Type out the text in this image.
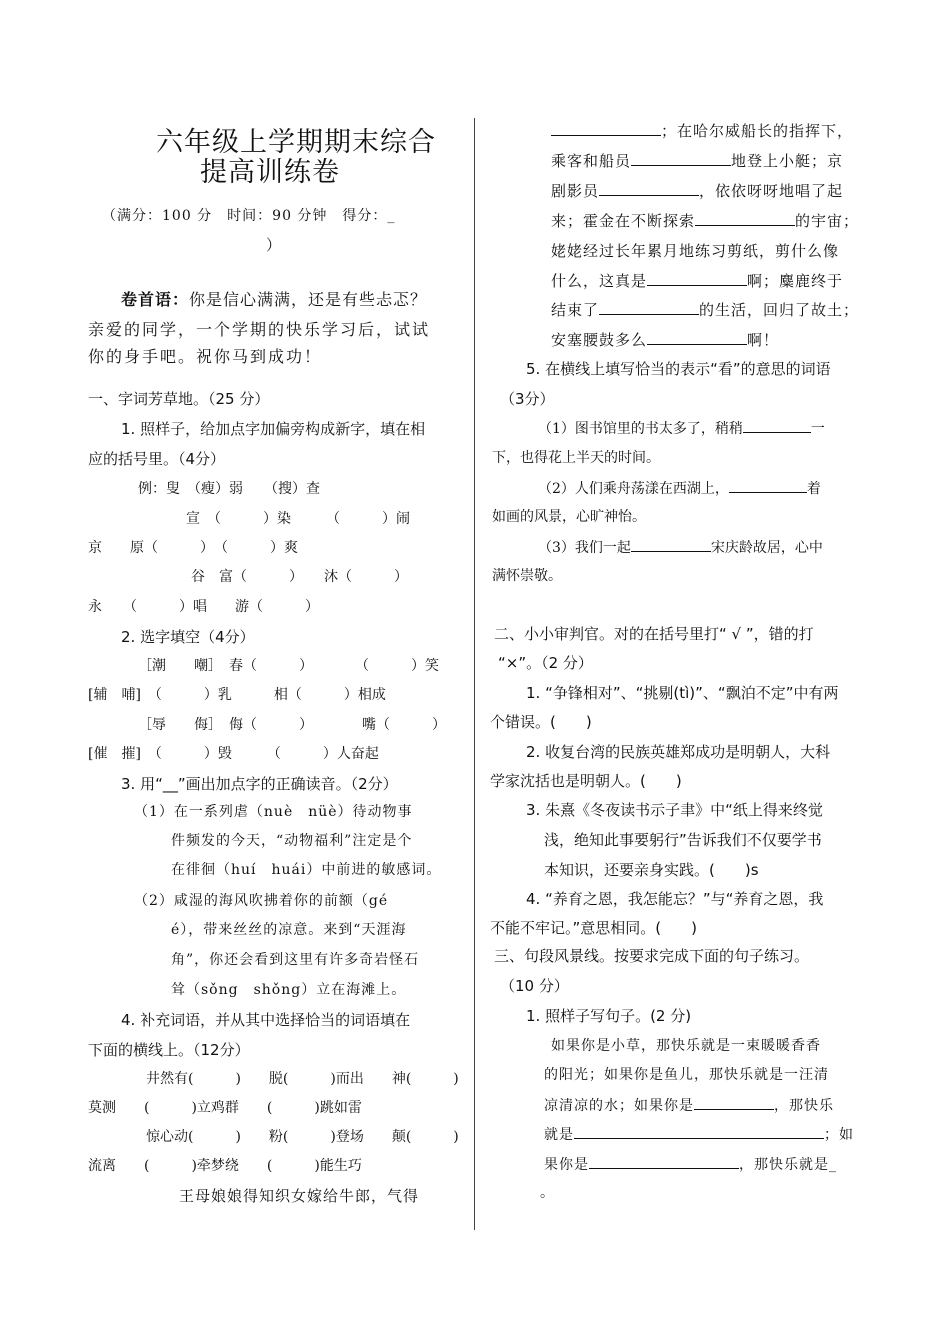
六年级上学期期末综合
提高训练卷
（满分：100 分　时间：90 分钟　得分：_
）
卷首语：你是信心满满，还是有些忐忑？
亲爱的同学，一个学期的快乐学习后，试试
你的身手吧。祝你马到成功！
一、字词芳草地。（25 分）
1. 照样子，给加点字加偏旁构成新字，填在相
应的括号里。（4分）
例：叟　（瘦）弱　　（搜）查
宣　（　　　）染　　　（　　　）闹
京　　原（　　　）　（　　　）爽
谷　富（　　　）　　沐（　　　）
永　　（　　　）唱　　游（　　　）
2. 选字填空（4分）
［潮　　嘲］　春（　　　）　　　　（　　　）笑
[辅　哺]　（　　　）乳　　　相（　　　）相成
［辱　　侮］　侮（　　　）　　　　嘴（　　　）
[催　摧]　（　　　）毁　　　（　　　）人奋起
3. 用“__”画出加点字的正确读音。（2分）
（1）在一系列虐（nuè　nüè）待动物事
件频发的今天，“动物福利”注定是个
在徘徊（huí　huái）中前进的敏感词。
（2）咸湿的海风吹拂着你的前额（gé
é），带来丝丝的凉意。来到“天涯海
角”，你还会看到这里有许多奇岩怪石
耸（sǒng　shǒng）立在海滩上。
4. 补充词语，并从其中选择恰当的词语填在
下面的横线上。（12分）
井然有(　　　)　　脱(　　　)而出　　神(　　　)
莫测　　(　　　)立鸡群　　(　　　)跳如雷
惊心动(　　　)　　粉(　　　)登场　　颠(　　　)
流离　　(　　　)牵梦绕　　(　　　)能生巧
王母娘娘得知织女嫁给牛郎，气得
；在哈尔威船长的指挥下，
乘客和船员	地登上小艇；京
剧影员	，依依呀呀地唱了起
来；霍金在不断探索	的宇宙；
姥姥经过长年累月地练习剪纸，剪什么像
什么，这真是	啊；麋鹿终于
结束了	的生活，回归了故土；
安塞腰鼓多么	啊！
5. 在横线上填写恰当的表示“看”的意思的词语
（3分）
（1）图书馆里的书太多了，稍稍	一
下，也得花上半天的时间。
（2）人们乘舟荡漾在西湖上，	着
如画的风景，心旷神怡。
（3）我们一起	宋庆龄故居，心中
满怀崇敬。
二、小小审判官。对的在括号里打“ √ ”，错的打
“×”。（2 分）
1. “争锋相对”、“挑剔(tì)”、“飘泊不定”中有两
个错误。(　　)
2. 收复台湾的民族英雄郑成功是明朝人，大科
学家沈括也是明朝人。(　　)
3. 朱熹《冬夜读书示子聿》中“纸上得来终觉
浅，绝知此事要躬行”告诉我们不仅要学书
本知识，还要亲身实践。(　　)s
4. “养育之恩，我怎能忘？”与“养育之恩，我
不能不牢记。”意思相同。(　　)
三、句段风景线。按要求完成下面的句子练习。
（10 分）
1. 照样子写句子。(2 分)
如果你是小草，那快乐就是一束暖暖香香
的阳光；如果你是鱼儿，那快乐就是一汪清
凉清凉的水；如果你是	，那快乐
就是	；如
果你是	，那快乐就是_
。
